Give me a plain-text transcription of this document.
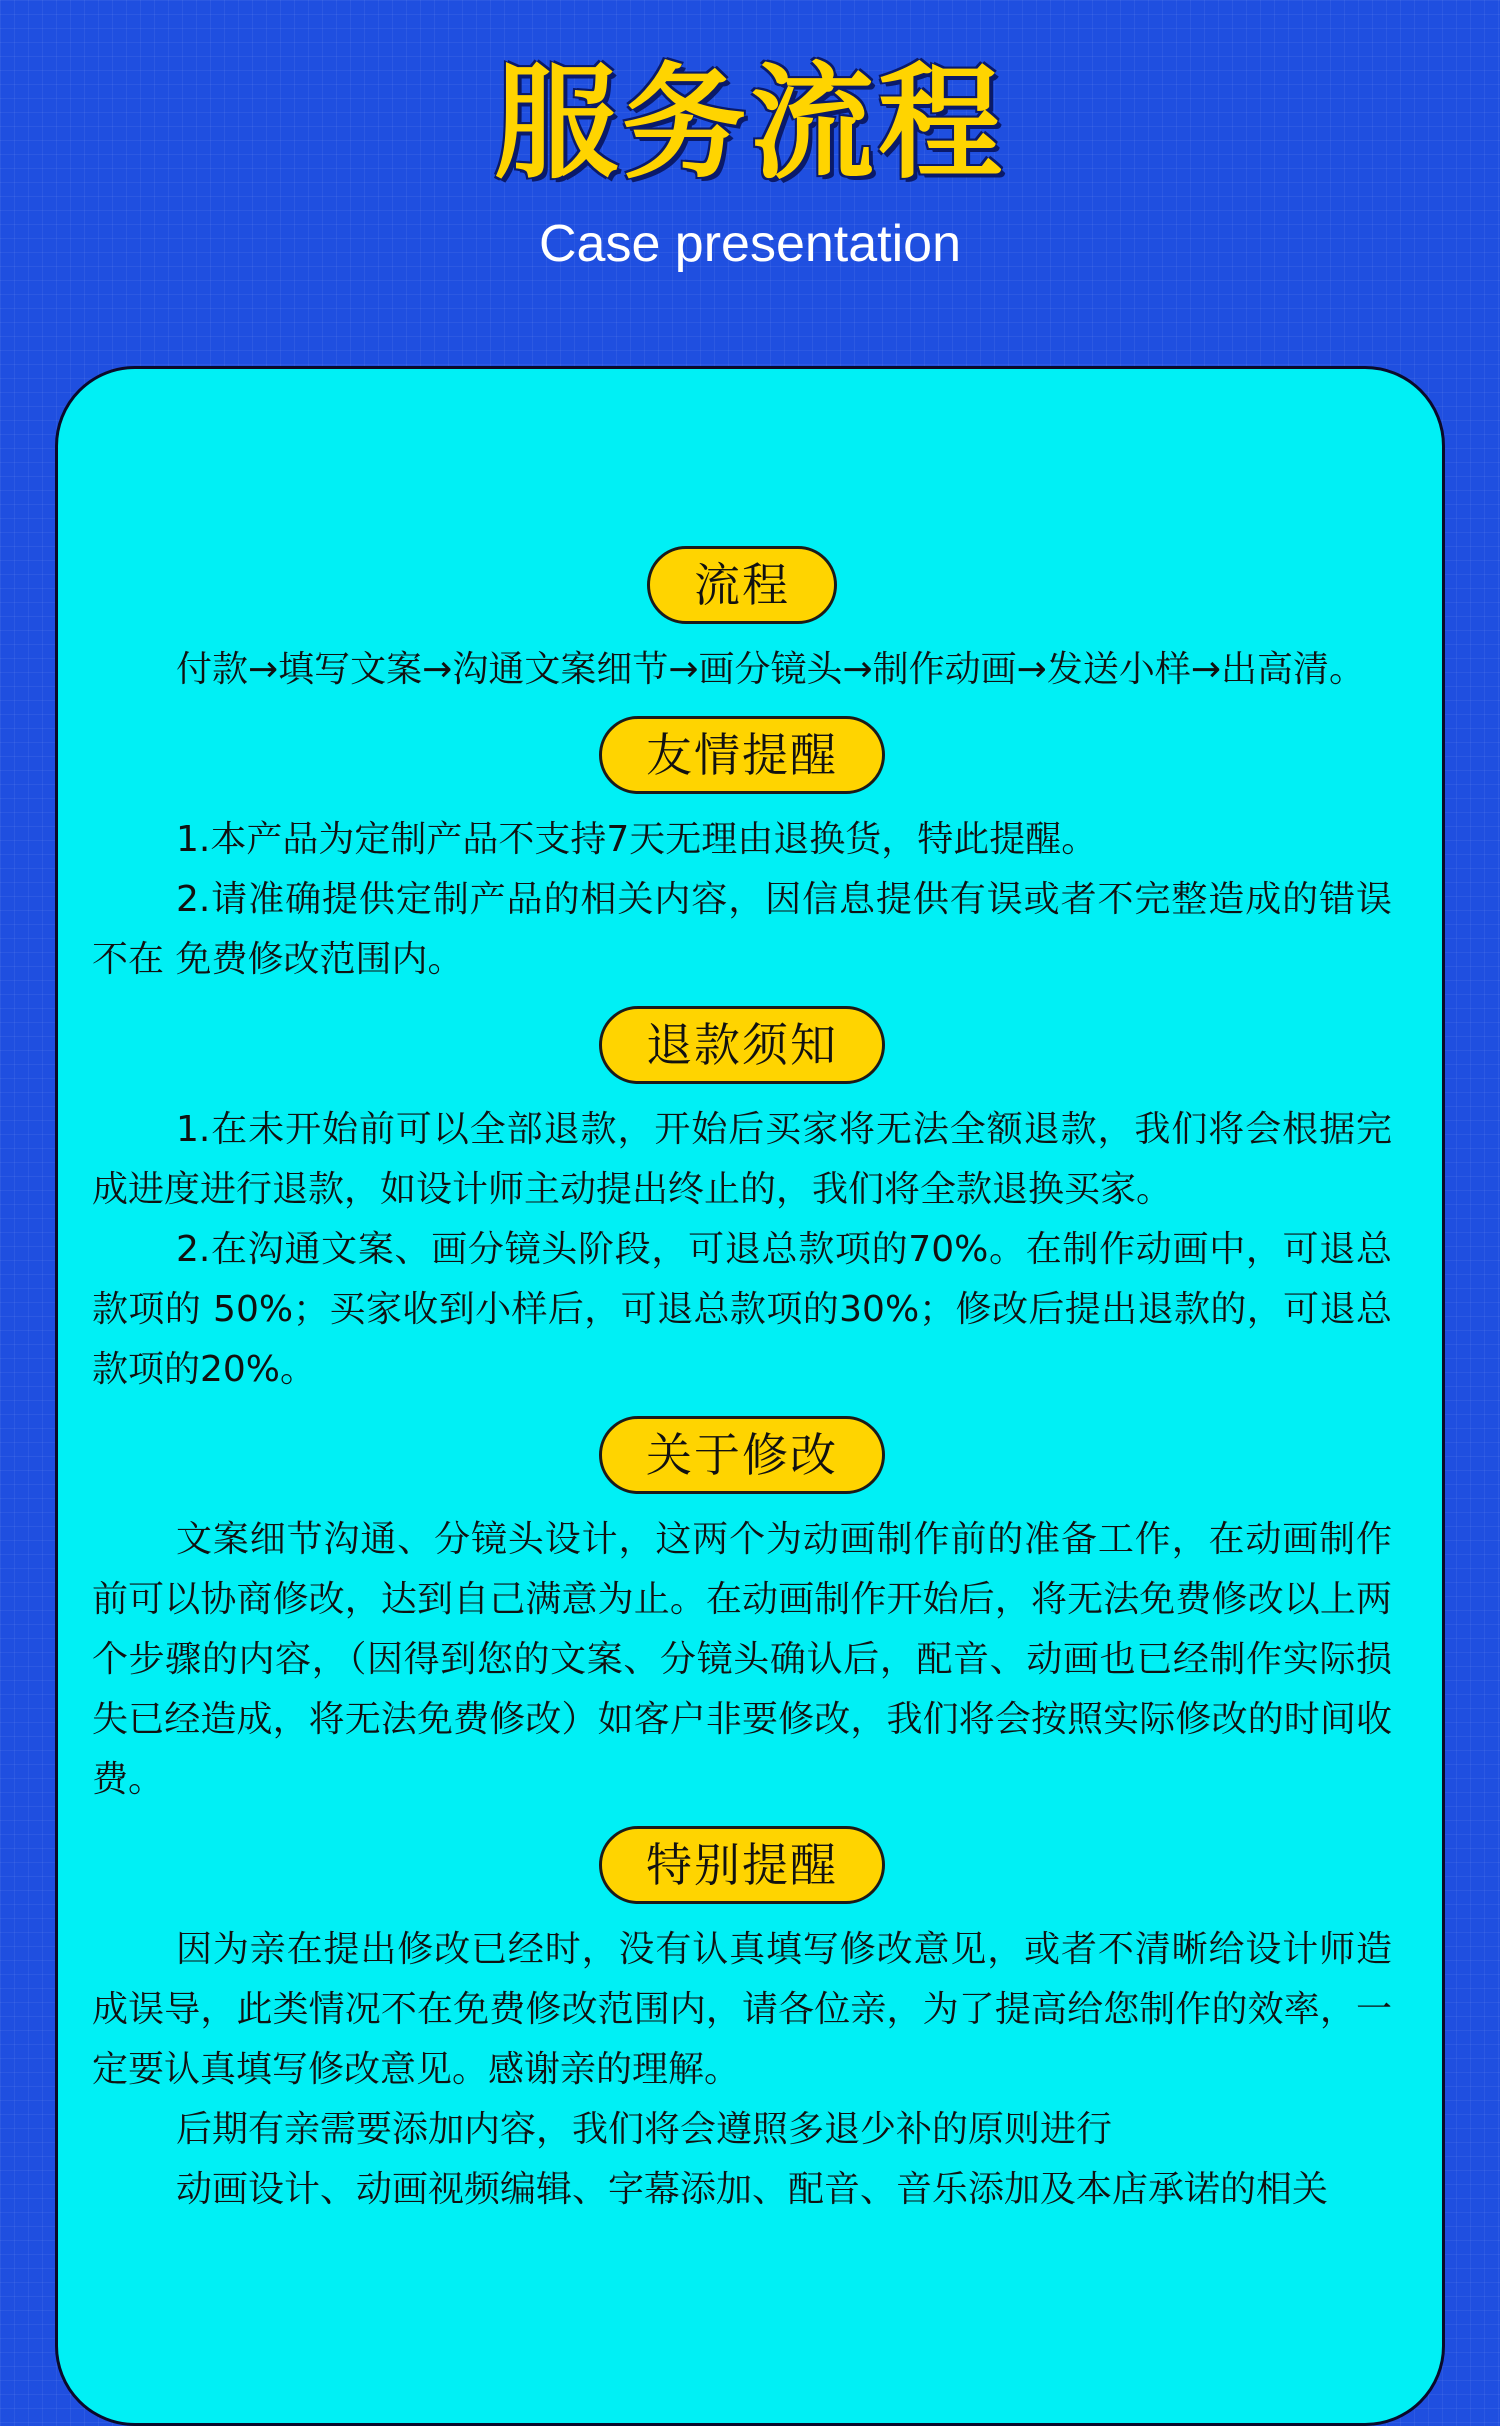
服务流程
Case presentation
流程

付款→填写文案→沟通文案细节→画分镜头→制作动画→发送小样→出高清。

友情提醒

1.本产品为定制产品不支持7天无理由退换货，特此提醒。

2.请准确提供定制产品的相关内容，因信息提供有误或者不完整造成的错误不在 免费修改范围内。

退款须知

1.在未开始前可以全部退款，开始后买家将无法全额退款，我们将会根据完成进度进行退款，如设计师主动提出终止的，我们将全款退换买家。

2.在沟通文案、画分镜头阶段，可退总款项的70%。在制作动画中，可退总款项的 50%；买家收到小样后，可退总款项的30%；修改后提出退款的，可退总款项的20%。

关于修改

文案细节沟通、分镜头设计，这两个为动画制作前的准备工作，在动画制作前可以协商修改，达到自己满意为止。在动画制作开始后，将无法免费修改以上两个步骤的内容，（因得到您的文案、分镜头确认后，配音、动画也已经制作实际损失已经造成，将无法免费修改）如客户非要修改，我们将会按照实际修改的时间收费。

特别提醒

因为亲在提出修改已经时，没有认真填写修改意见，或者不清晰给设计师造成误导，此类情况不在免费修改范围内，请各位亲，为了提高给您制作的效率，一定要认真填写修改意见。感谢亲的理解。

后期有亲需要添加内容，我们将会遵照多退少补的原则进行

动画设计、动画视频编辑、字幕添加、配音、音乐添加及本店承诺的相关
